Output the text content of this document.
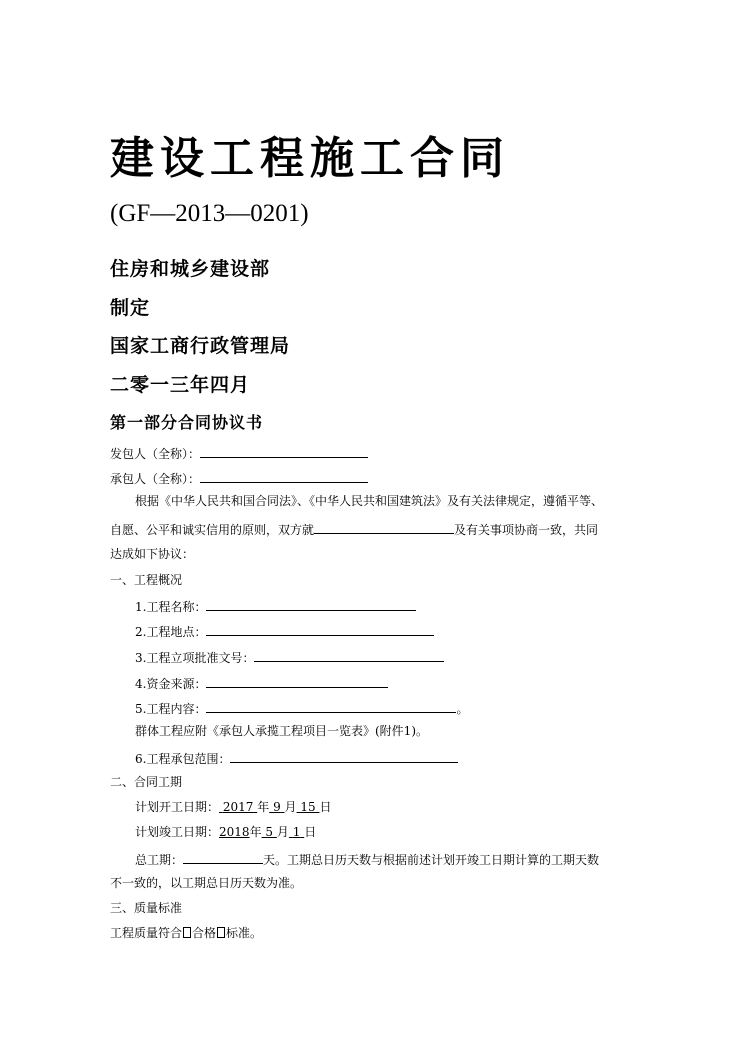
建设工程施工合同
(GF—2013—0201)
住房和城乡建设部
制定
国家工商行政管理局
二零一三年四月
第一部分合同协议书
发包人（全称）：
承包人（全称）：
根据《中华人民共和国合同法》、《中华人民共和国建筑法》及有关法律规定，遵循平等、
自愿、公平和诚实信用的原则，双方就	及有关事项协商一致，共同
达成如下协议：
一、工程概况
1.工程名称：
2.工程地点：
3.工程立项批准文号：
4.资金来源：
5.工程内容：	。
群体工程应附《承包人承揽工程项目一览表》(附件1)。
6.工程承包范围：
二、合同工期
计划开工日期： 2017 年 9 月 15 日
计划竣工日期：2018年 5 月 1 日
总工期：	天。工期总日历天数与根据前述计划开竣工日期计算的工期天数
不一致的，以工期总日历天数为准。
三、质量标准
工程质量符合 合格 标准。
